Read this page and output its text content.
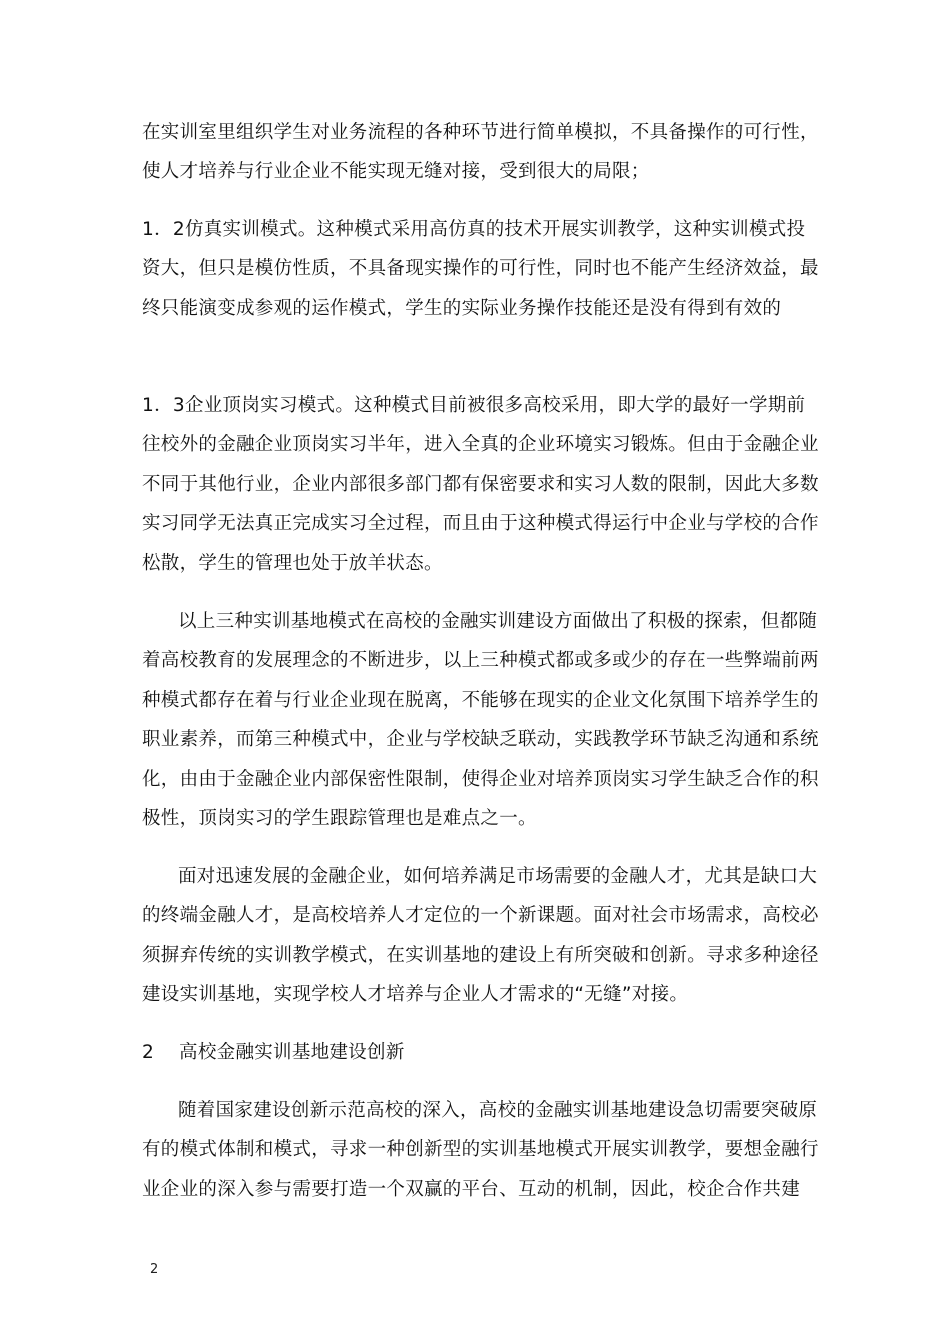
在实训室里组织学生对业务流程的各种环节进行简单模拟，不具备操作的可行性，
使人才培养与行业企业不能实现无缝对接，受到很大的局限；
1．2仿真实训模式。这种模式采用高仿真的技术开展实训教学，这种实训模式投
资大，但只是模仿性质，不具备现实操作的可行性，同时也不能产生经济效益，最
终只能演变成参观的运作模式，学生的实际业务操作技能还是没有得到有效的
1．3企业顶岗实习模式。这种模式目前被很多高校采用，即大学的最好一学期前
往校外的金融企业顶岗实习半年，进入全真的企业环境实习锻炼。但由于金融企业
不同于其他行业，企业内部很多部门都有保密要求和实习人数的限制，因此大多数
实习同学无法真正完成实习全过程，而且由于这种模式得运行中企业与学校的合作
松散，学生的管理也处于放羊状态。
以上三种实训基地模式在高校的金融实训建设方面做出了积极的探索，但都随
着高校教育的发展理念的不断进步，以上三种模式都或多或少的存在一些弊端前两
种模式都存在着与行业企业现在脱离，不能够在现实的企业文化氛围下培养学生的
职业素养，而第三种模式中，企业与学校缺乏联动，实践教学环节缺乏沟通和系统
化，由由于金融企业内部保密性限制，使得企业对培养顶岗实习学生缺乏合作的积
极性，顶岗实习的学生跟踪管理也是难点之一。
面对迅速发展的金融企业，如何培养满足市场需要的金融人才，尤其是缺口大
的终端金融人才，是高校培养人才定位的一个新课题。面对社会市场需求，高校必
须摒弃传统的实训教学模式，在实训基地的建设上有所突破和创新。寻求多种途径
建设实训基地，实现学校人才培养与企业人才需求的“无缝”对接。
2　 高校金融实训基地建设创新
随着国家建设创新示范高校的深入，高校的金融实训基地建设急切需要突破原
有的模式体制和模式，寻求一种创新型的实训基地模式开展实训教学，要想金融行
业企业的深入参与需要打造一个双赢的平台、互动的机制，因此，校企合作共建
2
